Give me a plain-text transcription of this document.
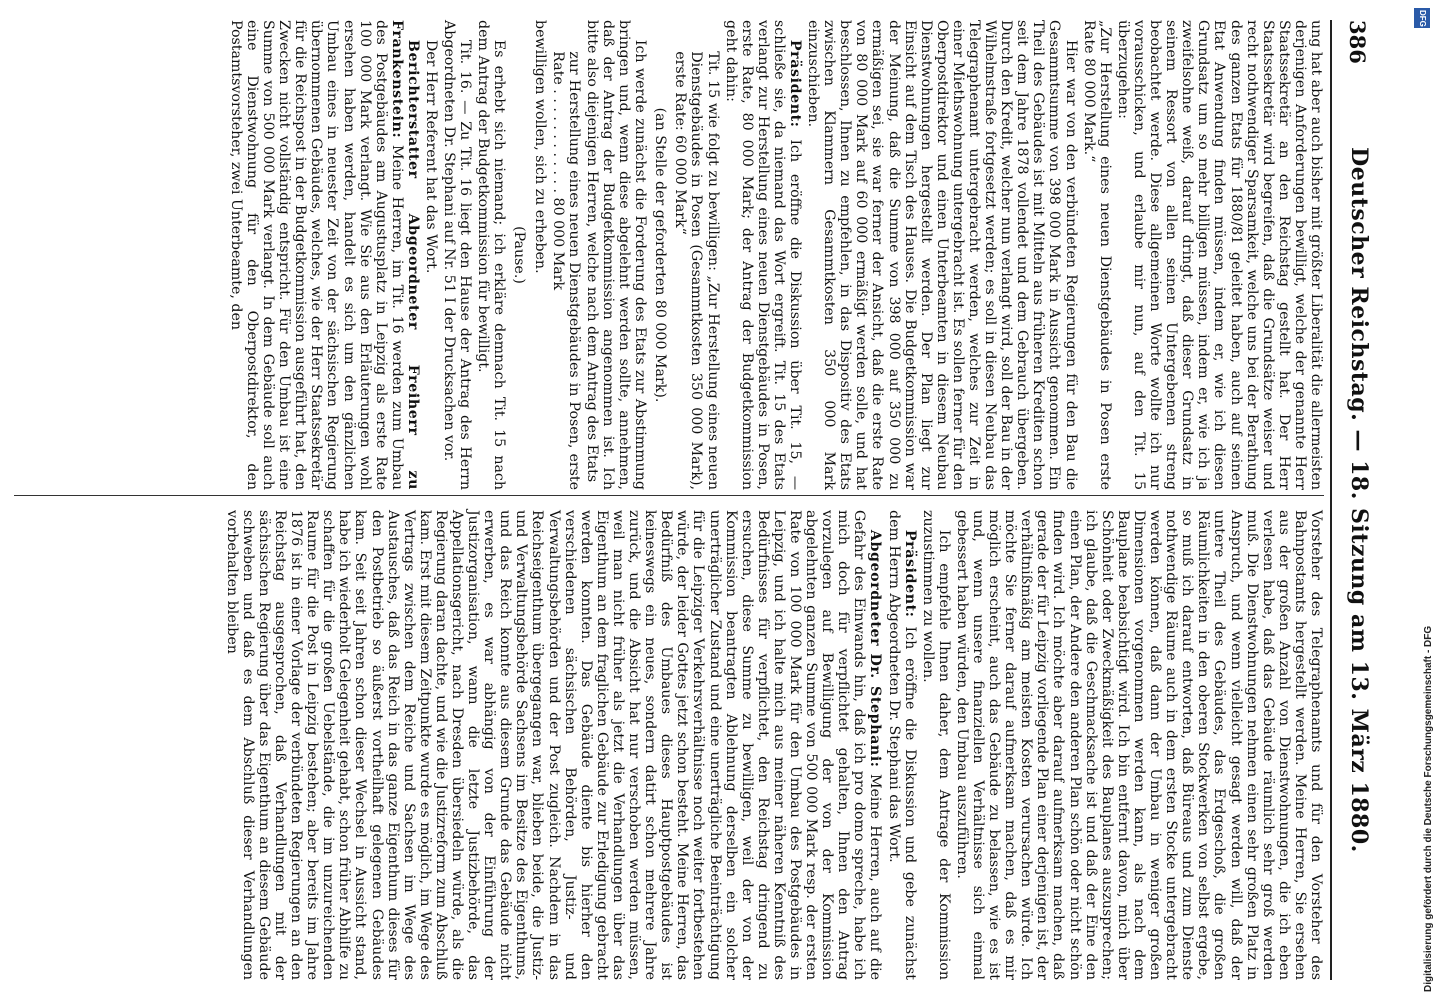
386
Deutscher Reichstag. — 18. Sitzung am 13. März 1880.

ung hat aber auch bisher mit größter Liberalität die allermeisten derjenigen Anforderungen bewilligt, welche der genannte Herr Staatssekretär an den Reichstag gestellt hat. Der Herr Staatssekretär wird begreifen, daß die Grundsätze weiser und recht nothwendiger Sparsamkeit, welche uns bei der Berathung des ganzen Etats für 1880/81 geleitet haben, auch auf seinen Etat Anwendung finden müssen, indem er, wie ich diesen Grundsatz um so mehr billigen müssen, indem er, wie ich ja zweifelsohne weiß, darauf dringt, daß dieser Grundsatz in seinem Ressort von allen seinen Untergebenen streng beobachtet werde. Diese allgemeinen Worte wollte ich nur vorausschicken, und erlaube mir nun, auf den Tit. 15 überzugehen:

„Zur Herstellung eines neuen Dienstgebäudes in Posen erste Rate 80 000 Mark.“

Hier war von den verbündeten Regierungen für den Bau die Gesammtsumme von 398 000 Mark in Aussicht genommen. Ein Theil des Gebäudes ist mit Mitteln aus früheren Krediten schon seit dem Jahre 1878 vollendet und dem Gebrauch übergeben. Durch den Kredit, welcher nun verlangt wird, soll der Bau in der Wilhelmstraße fortgesetzt werden; es soll in diesen Neubau das Telegraphenamt untergebracht werden, welches zur Zeit in einer Miethswohnung untergebracht ist. Es sollen ferner für den Oberpostdirektor und einen Unterbeamten in diesem Neubau Dienstwohnungen hergestellt werden. Der Plan liegt zur Einsicht auf dem Tisch des Hauses. Die Budgetkommission war der Meinung, daß die Summe von 398 000 auf 350 000 zu ermäßigen sei, sie war ferner der Ansicht, daß die erste Rate von 80 000 Mark auf 60 000 ermäßigt werden solle, und hat beschlossen, Ihnen zu empfehlen, in das Dispositiv des Etats zwischen Klammern Gesammtkosten 350 000 Mark einzuschieben.

Präsident: Ich eröffne die Diskussion über Tit. 15, — schließe sie, da niemand das Wort ergreift. Tit. 15 des Etats verlangt zur Herstellung eines neuen Dienstgebäudes in Posen, erste Rate, 80 000 Mark; der Antrag der Budgetkommission geht dahin:

Tit. 15 wie folgt zu bewilligen: „Zur Herstellung eines neuen Dienstgebäudes in Posen (Gesammtkosten 350 000 Mark), erste Rate: 60 000 Mark“

(an Stelle der geforderten 80 000 Mark).

Ich werde zunächst die Forderung des Etats zur Abstimmung bringen und, wenn diese abgelehnt werden sollte, annehmen, daß der Antrag der Budgetkommission angenommen ist. Ich bitte also diejenigen Herren, welche nach dem Antrag des Etats

zur Herstellung eines neuen Dienstgebäudes in Posen, erste Rate . . . . . . . . . . . . 80 000 Mark

bewilligen wollen, sich zu erheben.

(Pause.)

Es erhebt sich niemand; ich erkläre demnach Tit. 15 nach dem Antrag der Budgetkommission für bewilligt.

Tit. 16. — Zu Tit. 16 liegt den Hause der Antrag des Herrn Abgeordneten Dr. Stephani auf Nr. 51 I der Drucksachen vor.

Der Herr Referent hat das Wort.

Berichterstatter Abgeordneter Freiherr zu Frankenstein: Meine Herren, im Tit. 16 werden zum Umbau des Postgebäudes am Augustusplatz in Leipzig als erste Rate 100 000 Mark verlangt. Wie Sie aus den Erläuterungen wohl ersehen haben werden, handelt es sich um den gänzlichen Umbau eines in neuester Zeit von der sächsischen Regierung übernommenen Gebäudes, welches, wie der Herr Staatssekretär für die Reichspost in der Budgetkommission ausgeführt hat, den Zwecken nicht vollständig entspricht. Für den Umbau ist eine Summe von 500 000 Mark verlangt. In dem Gebäude soll auch eine Dienstwohnung für den Oberpostdirektor, den Postamtsvorsteher, zwei Unterbeamte, den

Vorsteher des Telegraphenamts und für den Vorsteher des Bahnpostamts hergestellt werden. Meine Herren, Sie ersehen aus der großen Anzahl von Dienstwohnungen, die ich eben verlesen habe, daß das Gebäude räumlich sehr groß werden muß. Die Dienstwohnungen nehmen einen sehr großen Platz in Anspruch, und wenn vielleicht gesagt werden will, daß der untere Theil des Gebäudes, das Erdgeschoß, die großen Räumlichkeiten in den oberen Stockwerken von selbst ergebe, so muß ich darauf entworten, daß Büreaus und zum Dienste nothwendige Räume auch in dem ersten Stocke untergebracht werden können, daß dann der Umbau in weniger großen Dimensionen vorgenommen werden kann, als nach dem Bauplane beabsichtigt wird. Ich bin entfernt davon, mich über Schönheit oder Zweckmäßigkeit des Bauplanes auszusprechen; ich glaube, daß die Geschmacksache ist und daß der Eine den einen Plan, der Andere den anderen Plan schön oder nicht schön finden wird. Ich möchte aber darauf aufmerksam machen, daß gerade der für Leipzig vorliegende Plan einer derjenigen ist, der verhältnißmäßig am meisten Kosten verursachen würde. Ich möchte Sie ferner darauf aufmerksam machen, daß es mir möglich erscheint, auch das Gebäude zu belassen, wie es ist und, wenn unsere finanziellen Verhältnisse sich einmal gebessert haben würden, den Umbau auszuführen.

Ich empfehle Ihnen daher, dem Antrage der Kommission zuzustimmen zu wollen.

Präsident: Ich eröffne die Diskussion und gebe zunächst dem Herrn Abgeordneten Dr. Stephani das Wort.

Abgeordneter Dr. Stephani: Meine Herren, auch auf die Gefahr des Einwands hin, daß ich pro domo spreche, habe ich mich doch für verpflichtet gehalten, Ihnen den Antrag vorzulegen auf Bewilligung der von der Kommission abgelehnten ganzen Summe von 500 000 Mark resp. der ersten Rate von 100 000 Mark für den Umbau des Postgebäudes in Leipzig, und ich halte mich aus meiner näheren Kenntniß des Bedürfnisses für verpflichtet, den Reichstag dringend zu ersuchen, diese Summe zu bewilligen, weil der von der Kommission beantragten Ablehnung derselben ein solcher unerträglicher Zustand und eine unerträgliche Beeinträchtigung für die Leipziger Verkehrsverhältnisse noch weiter fortbestehen würde, der leider Gottes jetzt schon besteht. Meine Herren, das Bedürfniß des Umbaues dieses Hauptpostgebäudes ist keineswegs ein neues, sondern datirt schon mehrere Jahre zurück, und die Absicht hat nur verschoben werden müssen, weil man nicht früher als jetzt die Verhandlungen über das Eigenthum an dem fraglichen Gebäude zur Erledigung gebracht werden konnten. Das Gebäude diente bis hierher den verschiedenen sächsischen Behörden, Justiz- und Verwaltungsbehörden und der Post zugleich. Nachdem in das Reichseigenthum übergegangen war, blieben beide, die Justiz- und Verwaltungsbehörde Sachsens im Besitze des Eigenthums, und das Reich konnte aus diesem Grunde das Gebäude nicht erwerben, es war abhängig von der Einführung der Justizorganisation, wann die letzte Justizbehörde, das Appellationsgericht, nach Dresden übersiedeln würde, als die Regierung daran dachte, und wie die Justizreform zum Abschluß kam. Erst mit diesem Zeitpunkte wurde es möglich, im Wege des Vertrags zwischen dem Reiche und Sachsen im Wege des Austausches, daß das Reich in das ganze Eigenthum dieses für den Postbetrieb so äußerst vortheilhaft gelegenen Gebäudes kam. Seit seit Jahren schon dieser Wechsel in Aussicht stand, habe ich wiederholt Gelegenheit gehabt, schon früher Abhilfe zu schaffen für die großen Uebelstände, die im unzureichenden Raume für die Post in Leipzig bestehen; aber bereits im Jahre 1876 ist in einer Vorlage der verbündeten Regierungen an den Reichstag ausgesprochen, daß Verhandlungen mit der sächsischen Regierung über das Eigenthum an diesem Gebäude schweben und daß es dem Abschluß dieser Verhandlungen vorbehalten bleiben

DFG
Digitalisierung gefördert durch die Deutsche Forschungsgemeinschaft - DFG
